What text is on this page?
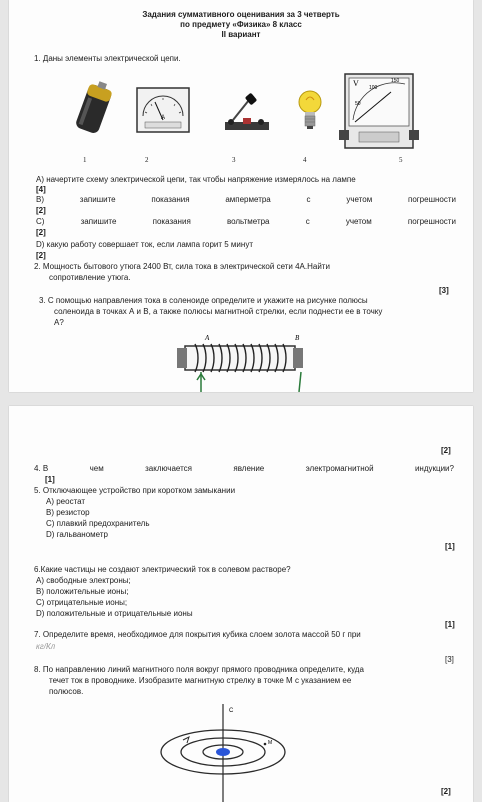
Задания суммативного оценивания за 3 четверть
по предмету «Физика» 8 класс
II вариант
1. Даны элементы электрической цепи.
A
V 100
150
50
1	2	3	4	5
А) начертите схему электрической цепи, так чтобы напряжение измерялось на лампе
[4]
В)	запишите	показания	амперметра	с	учетом	погрешности
[2]
С)	запишите	показания	вольтметра	с	учетом	погрешности
[2]
D) какую работу совершает ток, если лампа горит 5 минут
[2]
2. Мощность бытового утюга 2400 Вт, сила тока в электрической сети 4А.Найти
сопротивление утюга.
[3]
3. С помощью направления тока в соленоиде определите и укажите на рисунке полюсы
соленоида в точках А и В, а также полюсы магнитной стрелки, если поднести ее в точку
А?
A	B
[2]
4. В	чем	заключается	явление	электромагнитной	индукции?
[1]
5. Отключающее устройство при коротком замыкании
А) реостат
В) резистор
С) плавкий предохранитель
D) гальванометр
[1]
6.Какие частицы не создают электрический ток в солевом растворе?
А) свободные электроны;
В) положительные ионы;
С) отрицательные ионы;
D) положительные и отрицательные ионы
[1]
7. Определите время, необходимое для покрытия кубика слоем золота массой 50 г при
кг/Кл
[3]
8. По направлению линий магнитного поля вокруг прямого проводника определите, куда
течет ток в проводнике. Изобразите магнитную стрелку в точке М с указанием ее
полюсов.
С
М
[2]
